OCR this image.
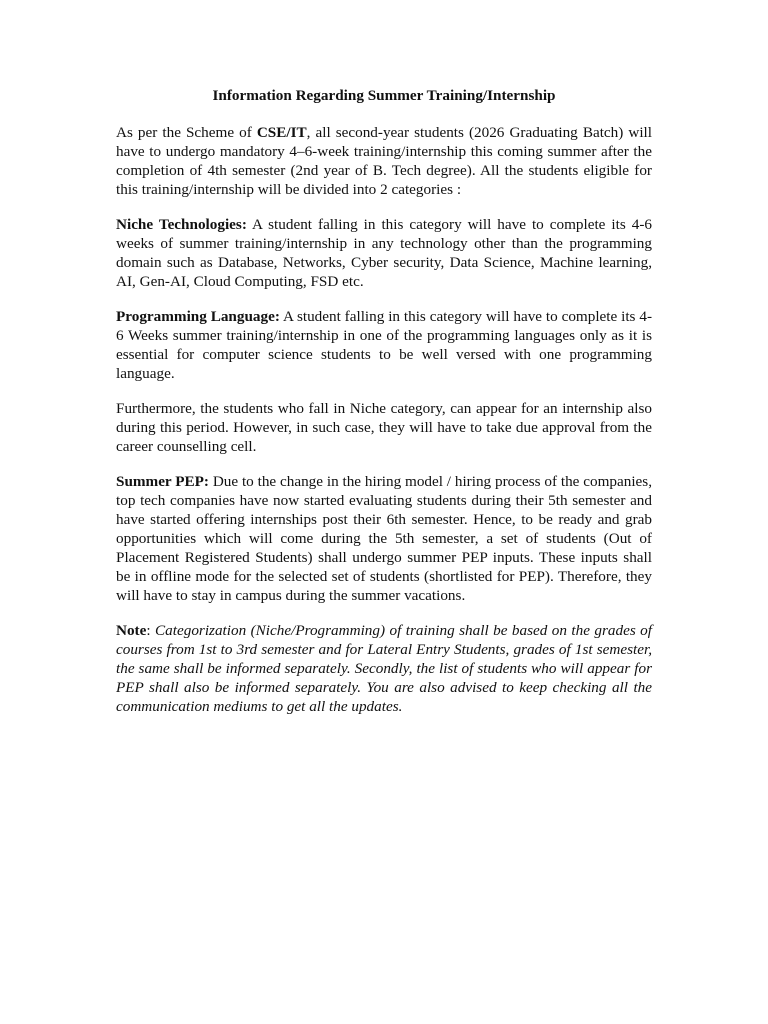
Information Regarding Summer Training/Internship

As per the Scheme of CSE/IT, all second-year students (2026 Graduating Batch) will have to undergo mandatory 4–6-week training/internship this coming summer after the completion of 4th semester (2nd year of B. Tech degree). All the students eligible for this training/internship will be divided into 2 categories :

Niche Technologies: A student falling in this category will have to complete its 4-6 weeks of summer training/internship in any technology other than the programming domain such as Database, Networks, Cyber security, Data Science, Machine learning, AI, Gen-AI, Cloud Computing, FSD etc.

Programming Language: A student falling in this category will have to complete its 4-6 Weeks summer training/internship in one of the programming languages only as it is essential for computer science students to be well versed with one programming language.

Furthermore, the students who fall in Niche category, can appear for an internship also during this period. However, in such case, they will have to take due approval from the career counselling cell.

Summer PEP: Due to the change in the hiring model / hiring process of the companies, top tech companies have now started evaluating students during their 5th semester and have started offering internships post their 6th semester. Hence, to be ready and grab opportunities which will come during the 5th semester, a set of students (Out of Placement Registered Students) shall undergo summer PEP inputs. These inputs shall be in offline mode for the selected set of students (shortlisted for PEP). Therefore, they will have to stay in campus during the summer vacations.

Note: Categorization (Niche/Programming) of training shall be based on the grades of courses from 1st to 3rd semester and for Lateral Entry Students, grades of 1st semester, the same shall be informed separately. Secondly, the list of students who will appear for PEP shall also be informed separately. You are also advised to keep checking all the communication mediums to get all the updates.
